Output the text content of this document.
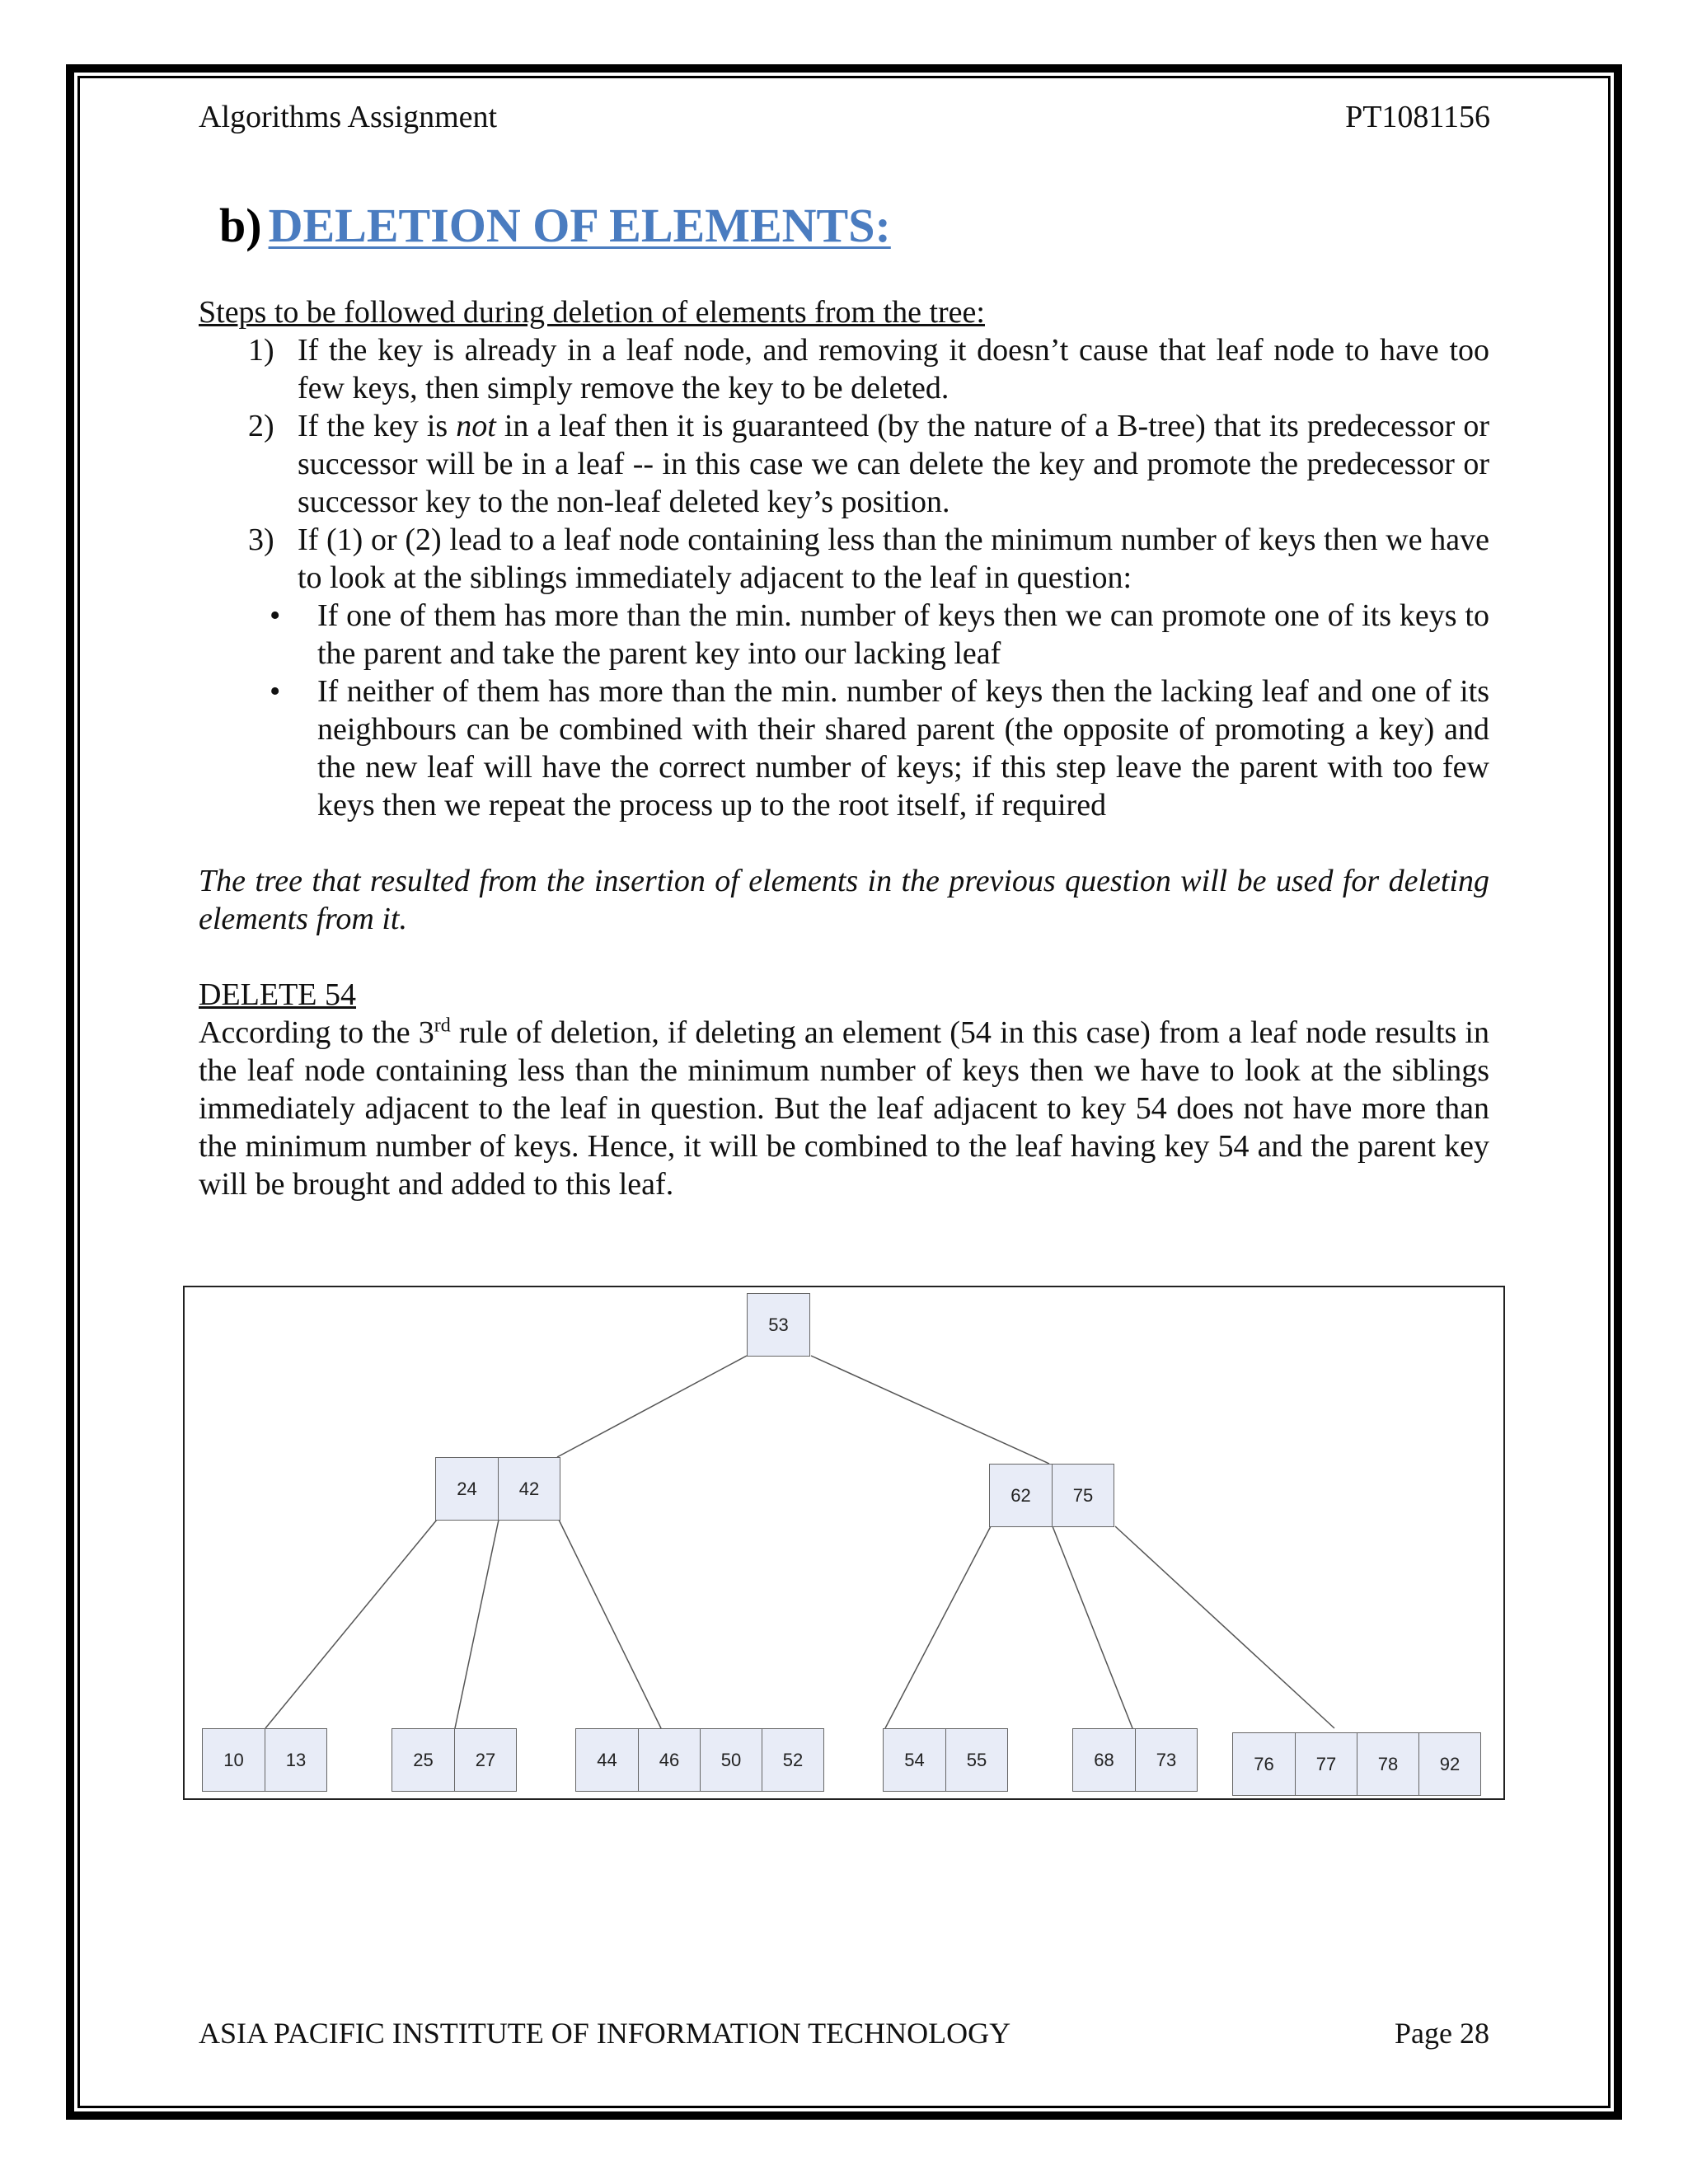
Algorithms Assignment	PT1081156
b) DELETION OF ELEMENTS:
Steps to be followed during deletion of elements from the tree:
1) If the key is already in a leaf node, and removing it doesn’t cause that leaf node to have too few keys, then simply remove the key to be deleted.
2) If the key is not in a leaf then it is guaranteed (by the nature of a B-tree) that its predecessor or successor will be in a leaf -- in this case we can delete the key and promote the predecessor or successor key to the non-leaf deleted key’s position.
3) If (1) or (2) lead to a leaf node containing less than the minimum number of keys then we have to look at the siblings immediately adjacent to the leaf in question:
• If one of them has more than the min. number of keys then we can promote one of its keys to the parent and take the parent key into our lacking leaf
• If neither of them has more than the min. number of keys then the lacking leaf and one of its neighbours can be combined with their shared parent (the opposite of promoting a key) and the new leaf will have the correct number of keys; if this step leave the parent with too few keys then we repeat the process up to the root itself, if required
The tree that resulted from the insertion of elements in the previous question will be used for deleting elements from it.
DELETE 54
According to the 3rd rule of deletion, if deleting an element (54 in this case) from a leaf node results in the leaf node containing less than the minimum number of keys then we have to look at the siblings immediately adjacent to the leaf in question. But the leaf adjacent to key 54 does not have more than the minimum number of keys. Hence, it will be combined to the leaf having key 54 and the parent key will be brought and added to this leaf.
53
24	42	62	75
10	13	25	27	44	46	50	52	54	55	68	73	76	77	78	92
ASIA PACIFIC INSTITUTE OF INFORMATION TECHNOLOGY	Page 28
